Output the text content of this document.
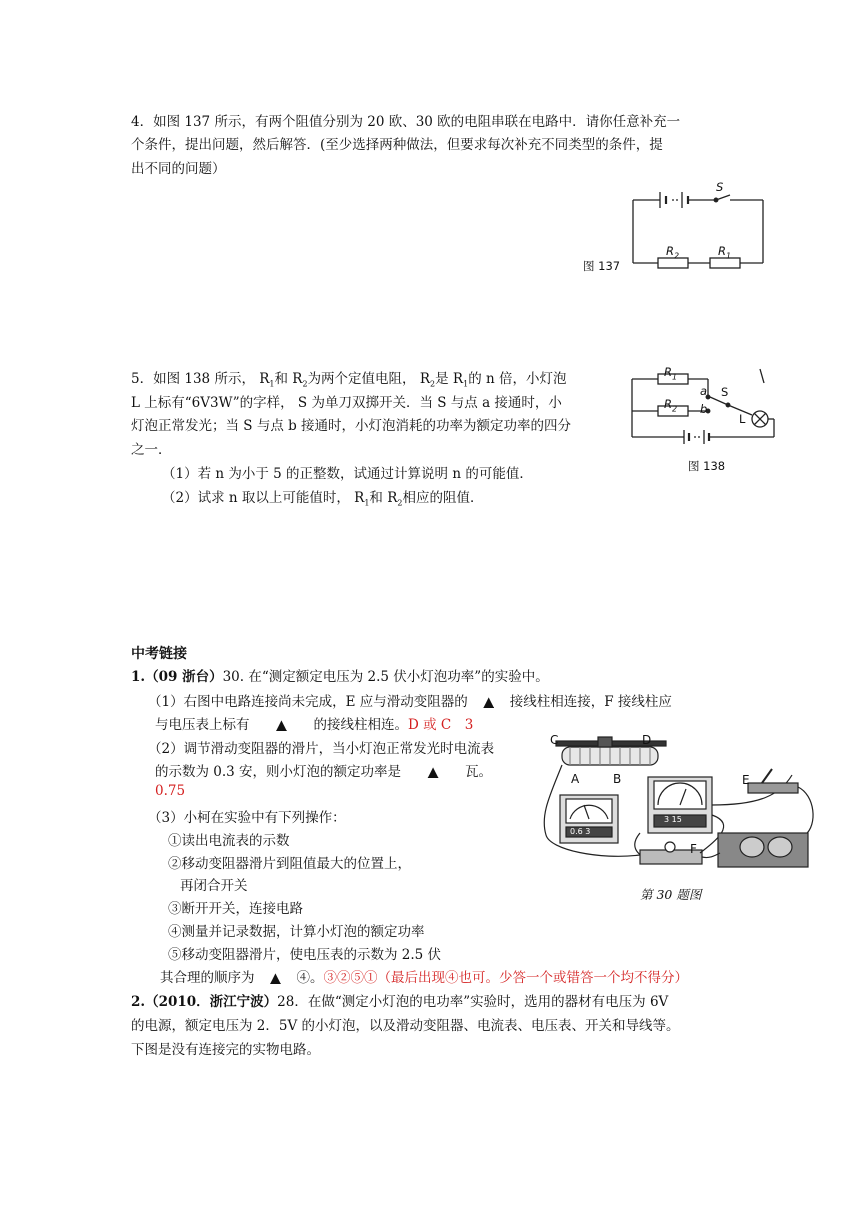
4．如图 137 所示，有两个阻值分别为 20 欧、30 欧的电阻串联在电路中．请你任意补充一
个条件，提出问题，然后解答．(至少选择两种做法，但要求每次补充不同类型的条件，提
出不同的问题）
S
$R_2$	$R_1$
图 137
5．如图 138 所示， $R_1$和 $R_2$为两个定值电阻， $R_2$是 $R_1$的 n 倍，小灯泡
L 上标有“6V3W”的字样， S 为单刀双掷开关．当 S 与点 a 接通时，小
灯泡正常发光；当 S 与点 b 接通时，小灯泡消耗的功率为额定功率的四分
之一．
（1）若 n 为小于 5 的正整数，试通过计算说明 n 的可能值．
（2）试求 n 取以上可能值时， $R_1$和 $R_2$相应的阻值．
$R_1$
$R_2$
a
b
S
L
图 138
中考链接
1.（09 浙台）30. 在“测定额定电压为 2.5 伏小灯泡功率”的实验中。
（1）右图中电路连接尚未完成，E 应与滑动变阻器的 ▲ 接线柱相连接，F 接线柱应
与电压表上标有 ▲ 的接线柱相连。D 或 C　3
（2）调节滑动变阻器的滑片，当小灯泡正常发光时电流表
的示数为 0.3 安，则小灯泡的额定功率是 ▲ 瓦。
0.75
（3）小柯在实验中有下列操作：
①读出电流表的示数
②移动变阻器滑片到阻值最大的位置上，
再闭合开关
③断开开关，连接电路
④测量并记录数据，计算小灯泡的额定功率
⑤移动变阻器滑片，使电压表的示数为 2.5 伏
其合理的顺序为 ▲ ④。③②⑤①（最后出现④也可。少答一个或错答一个均不得分）
C	D
A	B	E
F
0.6 3
3 15
第 30 题图
2.（2010．浙江宁波）28．在做“测定小灯泡的电功率”实验时，选用的器材有电压为 6V
的电源，额定电压为 2．5V 的小灯泡，以及滑动变阻器、电流表、电压表、开关和导线等。
下图是没有连接完的实物电路。
